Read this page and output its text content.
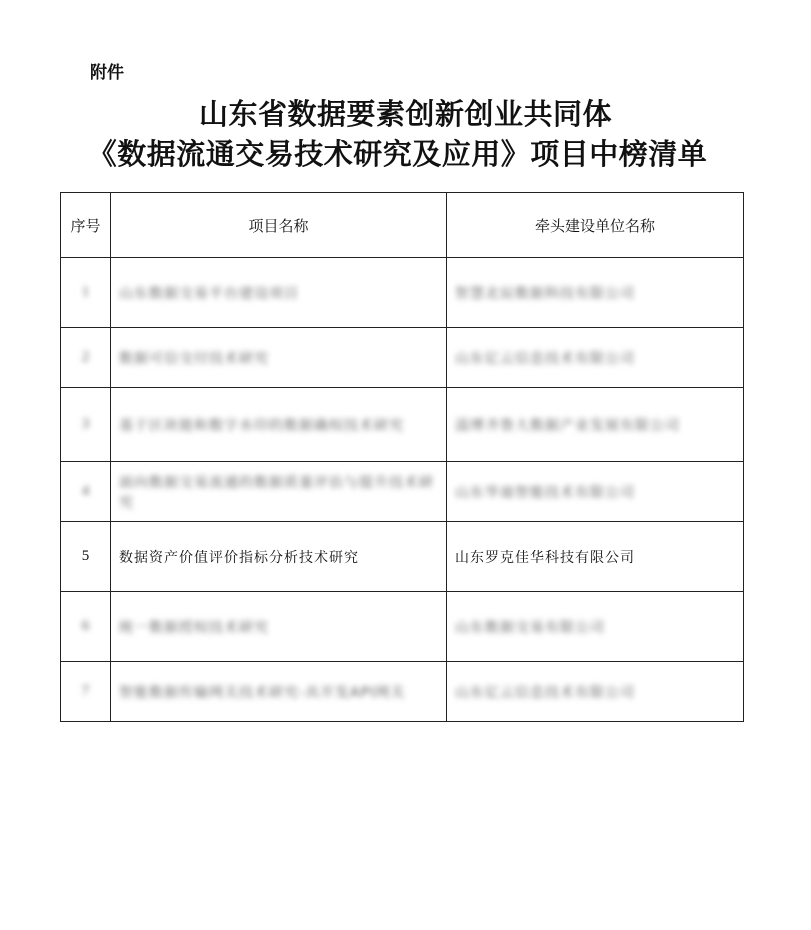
附件
山东省数据要素创新创业共同体
《数据流通交易技术研究及应用》项目中榜清单
序号	项目名称	牵头建设单位名称
1	山东数据交易平台建设项目	智慧北辰数据科技有限公司
2	数据可信交付技术研究	山东亿云信息技术有限公司
3	基于区块链和数字水印的数据确权技术研究	淄博齐鲁大数据产业发展有限公司
4	面向数据交易流通的数据质量评估与提升技术研究	山东华迪智能技术有限公司
5	数据资产价值评价指标分析技术研究	山东罗克佳华科技有限公司
6	统一数据授权技术研究	山东数据交易有限公司
7	智能数据传输网关技术研究-具开发API网关	山东亿云信息技术有限公司
